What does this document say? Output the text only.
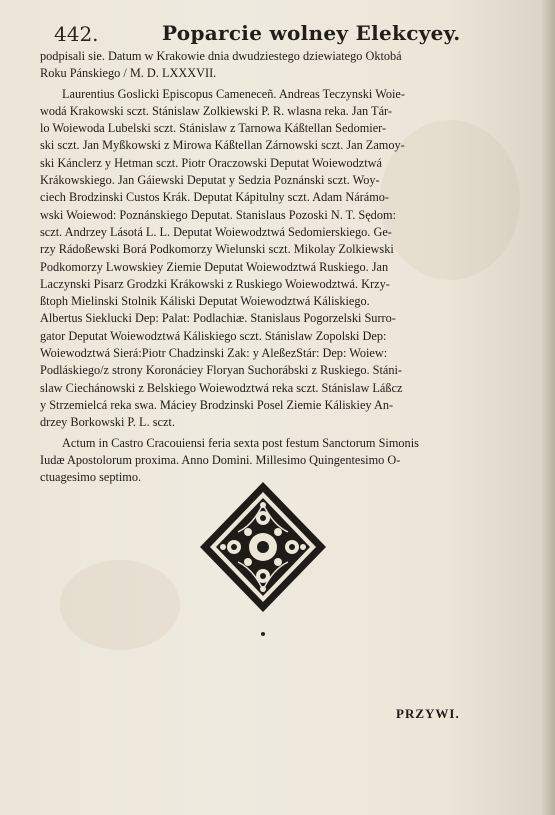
442.	Poparcie wolney Elekcyey.
podpisali sie. Datum w Krakowie dnia dwudziestego dziewiatego Oktobá
Roku Pánskiego / M. D. LXXXVII.
Laurentius Goslicki Episcopus Cameneceñ. Andreas Teczynski Woie-
wodá Krakowski sczt. Stánislaw Zolkiewski P. R. wlasna reka. Jan Tár-
lo Woiewoda Lubelski sczt. Stánislaw z Tarnowa Káßtellan Sedomier-
ski sczt. Jan Myßkowski z Mirowa Káßtellan Zárnowski sczt. Jan Zamoy-
ski Kánclerz y Hetman sczt. Piotr Oraczowski Deputat Woiewodztwá
Krákowskiego. Jan Gáiewski Deputat y Sedzia Poznánski sczt. Woy-
ciech Brodzinski Custos Krák. Deputat Kápitulny sczt. Adam Nárámo-
wski Woiewod: Poznánskiego Deputat. Stanislaus Pozoski N. T. Sędom:
sczt. Andrzey Lásotá L. L. Deputat Woiewodztwá Sedomierskiego. Ge-
rzy Rádoßewski Borá Podkomorzy Wielunski sczt. Mikolay Zolkiewski
Podkomorzy Lwowskiey Ziemie Deputat Woiewodztwá Ruskiego. Jan
Laczynski Pisarz Grodzki Krákowski z Ruskiego Woiewodztwá. Krzy-
ßtoph Mielinski Stolnik Káliski Deputat Woiewodztwá Káliskiego.
Albertus Sieklucki Dep: Palat: Podlachiæ. Stanislaus Pogorzelski Surro-
gator Deputat Woiewodztwá Káliskiego sczt. Stánislaw Zopolski Dep:
Woiewodztwá Sierá:Piotr Chadzinski Zak: y AleßezStár: Dep: Woiew:
Podláskiego/z strony Koronáciey Floryan Suchorábski z Ruskiego. Stáni-
slaw Ciechánowski z Belskiego Woiewodztwá reka sczt. Stánislaw Láßcz
y Strzemielcá reka swa. Máciey Brodzinski Posel Ziemie Káliskiey An-
drzey Borkowski P. L. sczt.
Actum in Castro Cracouiensi feria sexta post festum Sanctorum Simonis
Iudæ Apostolorum proxima. Anno Domini. Millesimo Quingentesimo O-
ctuagesimo septimo.
PRZYWI.
